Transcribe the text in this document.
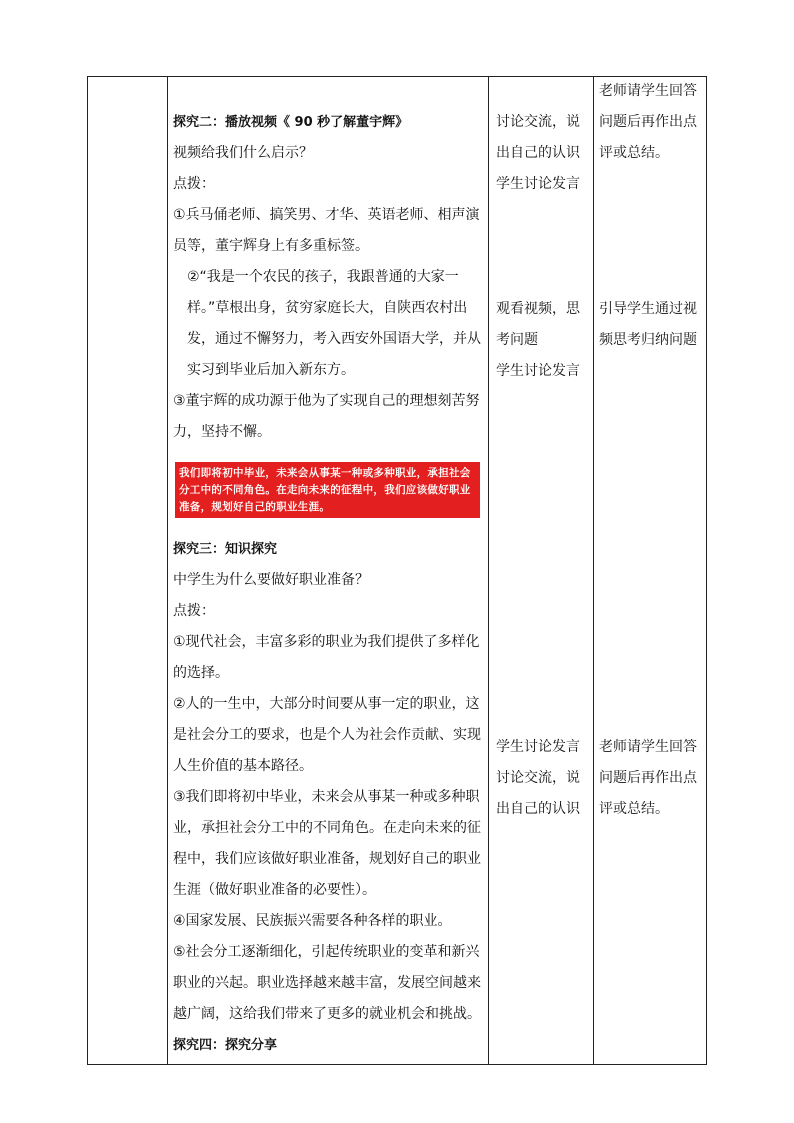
探究二：播放视频《 90 秒了解董宇辉》
视频给我们什么启示？
点拨：
①兵马俑老师、搞笑男、才华、英语老师、相声演员等，董宇辉身上有多重标签。
②“我是一个农民的孩子，我跟普通的大家一样。”草根出身，贫穷家庭长大，自陕西农村出发，通过不懈努力，考入西安外国语大学，并从实习到毕业后加入新东方。
③董宇辉的成功源于他为了实现自己的理想刻苦努力，坚持不懈。
我们即将初中毕业，未来会从事某一种或多种职业，承担社会分工中的不同角色。在走向未来的征程中，我们应该做好职业准备，规划好自己的职业生涯。
探究三：知识探究
中学生为什么要做好职业准备？
点拨：
①现代社会，丰富多彩的职业为我们提供了多样化的选择。
②人的一生中，大部分时间要从事一定的职业，这是社会分工的要求，也是个人为社会作贡献、实现人生价值的基本路径。
③我们即将初中毕业，未来会从事某一种或多种职业，承担社会分工中的不同角色。在走向未来的征程中，我们应该做好职业准备，规划好自己的职业生涯（做好职业准备的必要性）。
④国家发展、民族振兴需要各种各样的职业。
⑤社会分工逐渐细化，引起传统职业的变革和新兴职业的兴起。职业选择越来越丰富，发展空间越来越广阔，这给我们带来了更多的就业机会和挑战。
探究四：探究分享
讨论交流，说出自己的认识
学生讨论发言
观看视频，思考问题
学生讨论发言
学生讨论发言
讨论交流，说出自己的认识
老师请学生回答问题后再作出点评或总结。
引导学生通过视频思考归纳问题
老师请学生回答问题后再作出点评或总结。
